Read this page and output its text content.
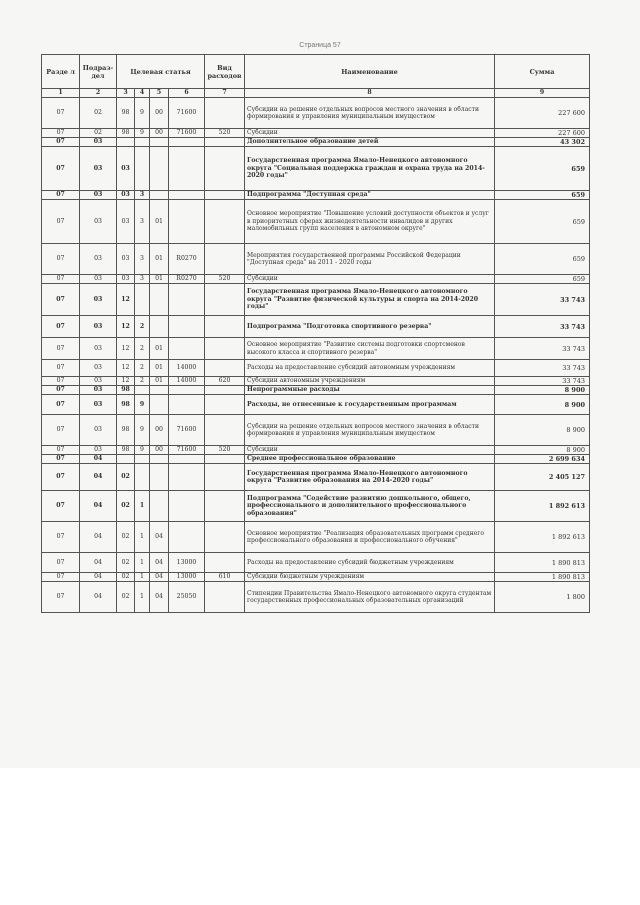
Страница 57
Разде л	Подраз- дел	Целевая статья				Вид расходов	Наименование	Сумма
1	2	3	4	5	6	7	8	9
07	02	98	9	00	71600		Субсидии на решение отдельных вопросов местного значения в области формирования и управления муниципальным имуществом	227 600
07	02	98	9	00	71600	520	Субсидии	227 600
07	03						Дополнительное образование детей	43 302
07	03	03					Государственная программа Ямало-Ненецкого автономного округа "Социальная поддержка граждан и охрана труда на 2014-2020 годы"	659
07	03	03	3				Подпрограмма "Доступная среда"	659
07	03	03	3	01			Основное мероприятие "Повышение условий доступности объектов и услуг в приоритетных сферах жизнедеятельности инвалидов и других маломобильных групп населения в автономном округе"	659
07	03	03	3	01	R0270		Мероприятия государственной программы Российской Федерации "Доступная среда" на 2011 - 2020 годы	659
07	03	03	3	01	R0270	520	Субсидии	659
07	03	12					Государственная программа Ямало-Ненецкого автономного округа "Развитие физической культуры и спорта на 2014-2020 годы"	33 743
07	03	12	2				Подпрограмма "Подготовка спортивного резерва"	33 743
07	03	12	2	01			Основное мероприятие "Развитие системы подготовки спортсменов высокого класса и спортивного резерва"	33 743
07	03	12	2	01	14000		Расходы на предоставление субсидий автономным учреждениям	33 743
07	03	12	2	01	14000	620	Субсидии автономным учреждениям	33 743
07	03	98					Непрограммные расходы	8 900
07	03	98	9				Расходы, не отнесенные к государственным программам	8 900
07	03	98	9	00	71600		Субсидии на решение отдельных вопросов местного значения в области формирования и управления муниципальным имуществом	8 900
07	03	98	9	00	71600	520	Субсидии	8 900
07	04						Среднее профессиональное образование	2 699 634
07	04	02					Государственная программа Ямало-Ненецкого автономного округа "Развитие образования на 2014-2020 годы"	2 405 127
07	04	02	1				Подпрограмма "Содействие развитию дошкольного, общего, профессионального и дополнительного профессионального образования"	1 892 613
07	04	02	1	04			Основное мероприятие "Реализация образовательных программ среднего профессионального образования и профессионального обучения"	1 892 613
07	04	02	1	04	13000		Расходы на предоставление субсидий бюджетным учреждениям	1 890 813
07	04	02	1	04	13000	610	Субсидии бюджетным учреждениям	1 890 813
07	04	02	1	04	25050		Стипендии Правительства Ямало-Ненецкого автономного округа студентам государственных профессиональных образовательных организаций	1 800
